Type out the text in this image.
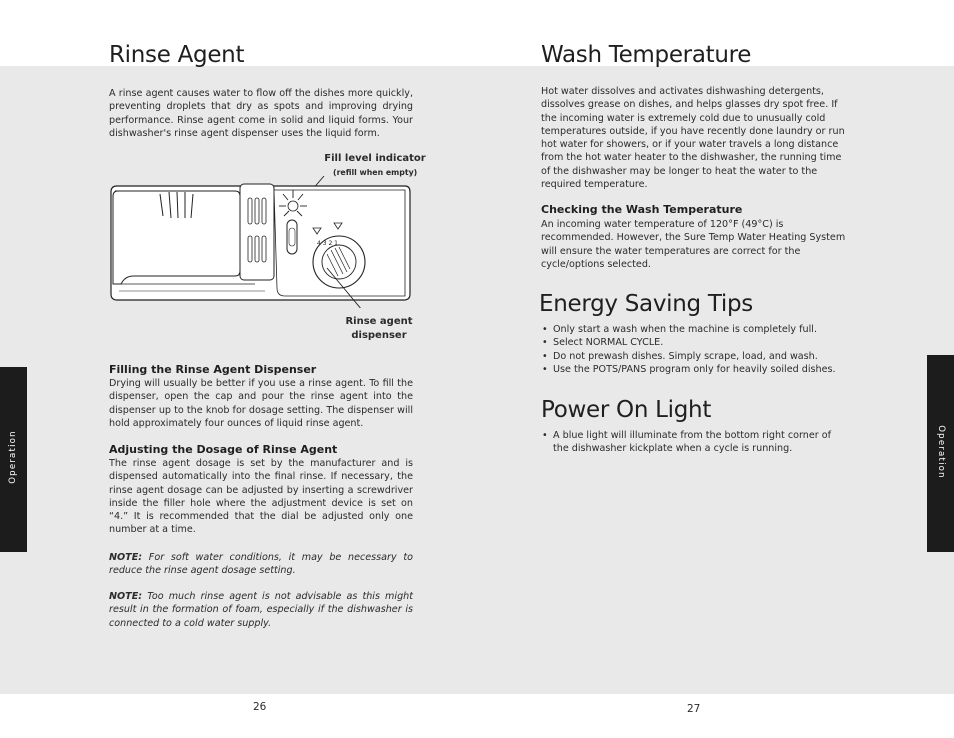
Rinse Agent

A rinse agent causes water to flow off the dishes more quickly, preventing droplets that dry as spots and improving drying performance. Rinse agent come in solid and liquid forms. Your dishwasher's rinse agent dispenser uses the liquid form.

Fill level indicator
(refill when empty)
4 3 2 1
Rinse agent
dispenser
Filling the Rinse Agent Dispenser

Drying will usually be better if you use a rinse agent. To fill the dispenser, open the cap and pour the rinse agent into the dispenser up to the knob for dosage setting. The dispenser will hold approximately four ounces of liquid rinse agent.

Adjusting the Dosage of Rinse Agent

The rinse agent dosage is set by the manufacturer and is dispensed automatically into the final rinse. If necessary, the rinse agent dosage can be adjusted by inserting a screwdriver inside the filler hole where the adjustment device is set on “4.” It is recommended that the dial be adjusted only one number at a time.

NOTE: For soft water conditions, it may be necessary to reduce the rinse agent dosage setting.

NOTE: Too much rinse agent is not advisable as this might result in the formation of foam, especially if the dishwasher is connected to a cold water supply.

Operation
26
Wash Temperature

Hot water dissolves and activates dishwashing detergents, dissolves grease on dishes, and helps glasses dry spot free. If the incoming water is extremely cold due to unusually cold temperatures outside, if you have recently done laundry or run hot water for showers, or if your water travels a long distance from the hot water heater to the dishwasher, the running time of the dishwasher may be longer to heat the water to the required temperature.

Checking the Wash Temperature

An incoming water temperature of 120°F (49°C) is recommended. However, the Sure Temp Water Heating System will ensure the water temperatures are correct for the cycle/options selected.

Energy Saving Tips
• Only start a wash when the machine is completely full.
• Select NORMAL CYCLE.
• Do not prewash dishes. Simply scrape, load, and wash.
• Use the POTS/PANS program only for heavily soiled dishes.
Power On Light
• A blue light will illuminate from the bottom right corner of the dishwasher kickplate when a cycle is running.	Operation
27
